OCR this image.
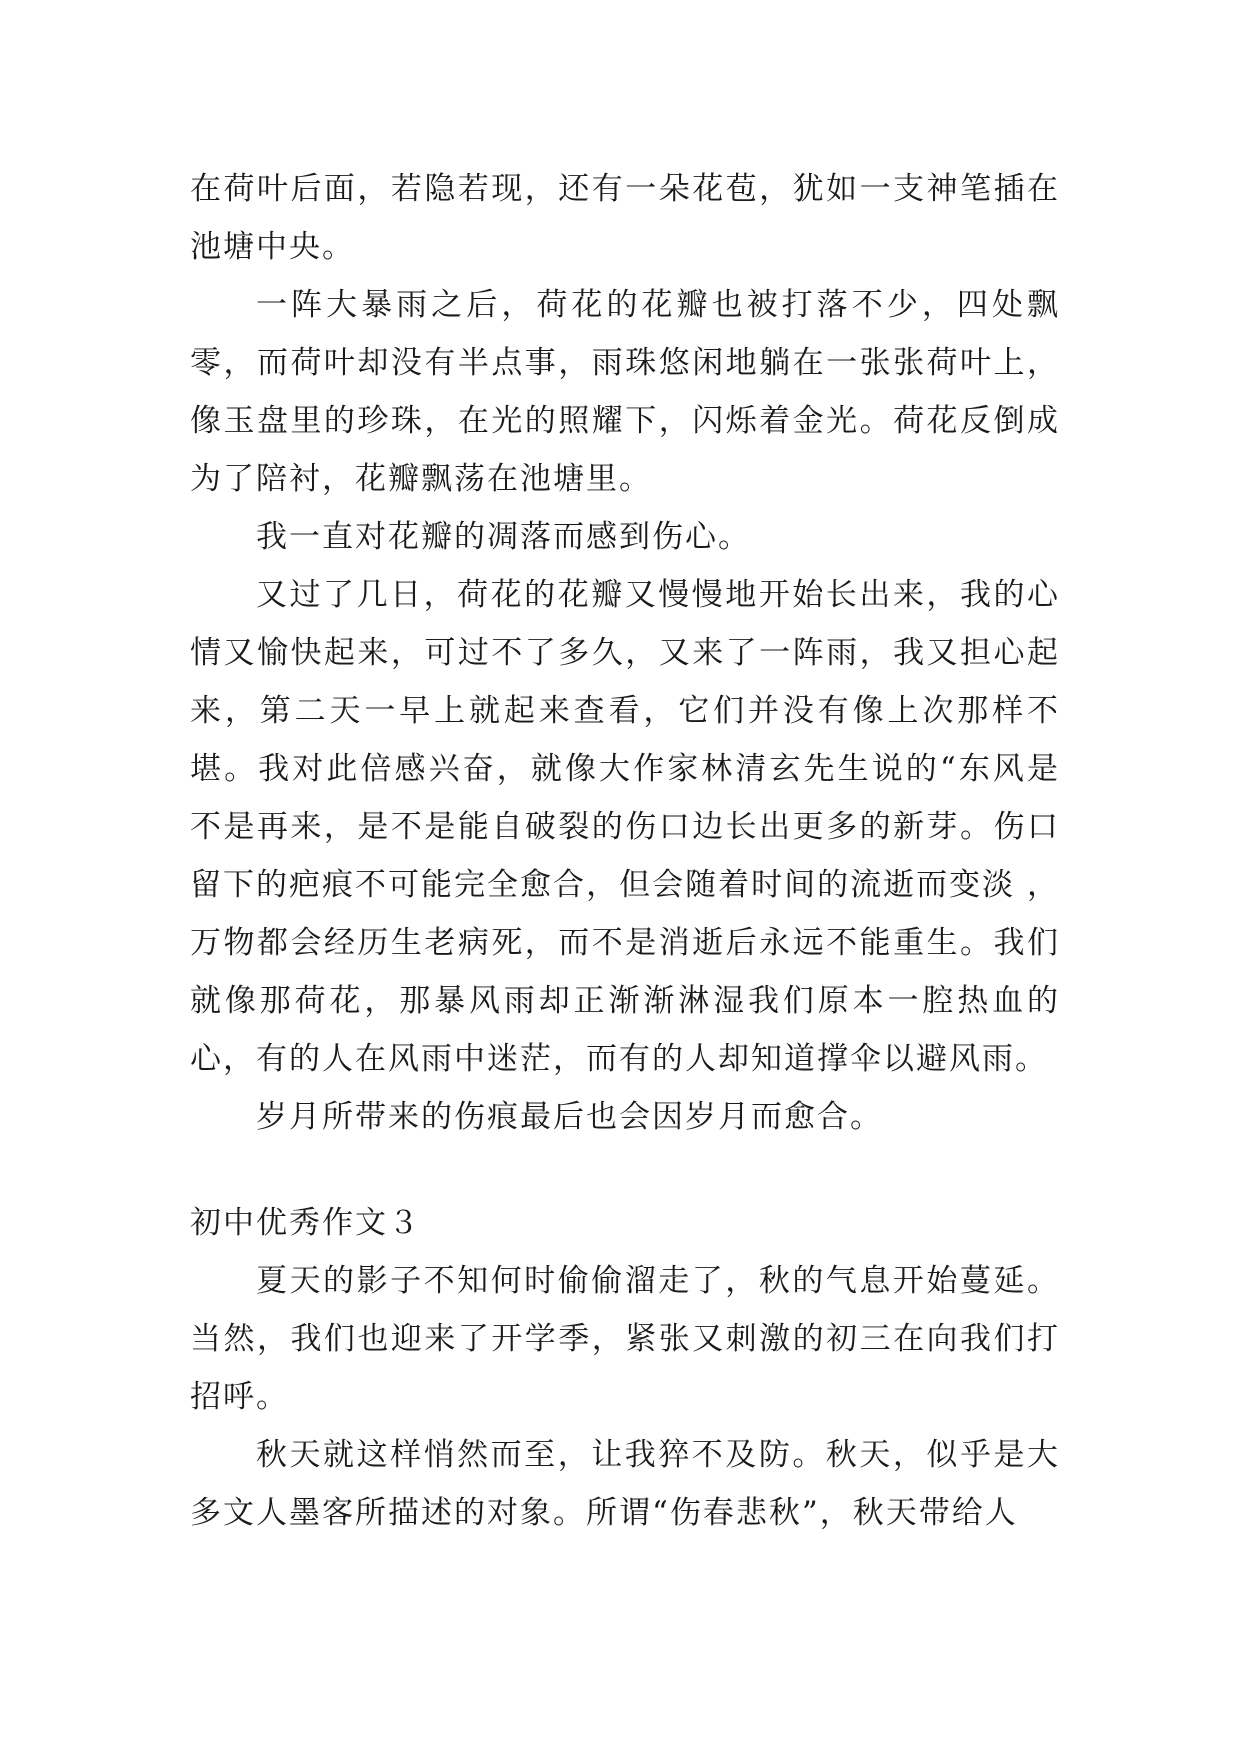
在荷叶后面，若隐若现，还有一朵花苞，犹如一支神笔插在池塘中央。

一阵大暴雨之后，荷花的花瓣也被打落不少，四处飘零，而荷叶却没有半点事，雨珠悠闲地躺在一张张荷叶上，像玉盘里的珍珠，在光的照耀下，闪烁着金光。荷花反倒成为了陪衬，花瓣飘荡在池塘里。

我一直对花瓣的凋落而感到伤心。

又过了几日，荷花的花瓣又慢慢地开始长出来，我的心情又愉快起来，可过不了多久，又来了一阵雨，我又担心起来，第二天一早上就起来查看，它们并没有像上次那样不堪。我对此倍感兴奋，就像大作家林清玄先生说的“东风是不是再来，是不是能自破裂的伤口边长出更多的新芽。伤口留下的疤痕不可能完全愈合，但会随着时间的流逝而变淡 ，万物都会经历生老病死，而不是消逝后永远不能重生。我们就像那荷花，那暴风雨却正渐渐淋湿我们原本一腔热血的心，有的人在风雨中迷茫，而有的人却知道撑伞以避风雨。

岁月所带来的伤痕最后也会因岁月而愈合。

初中优秀作文３

夏天的影子不知何时偷偷溜走了，秋的气息开始蔓延。当然，我们也迎来了开学季，紧张又刺激的初三在向我们打招呼。

秋天就这样悄然而至，让我猝不及防。秋天，似乎是大多文人墨客所描述的对象。所谓“伤春悲秋”，秋天带给人
